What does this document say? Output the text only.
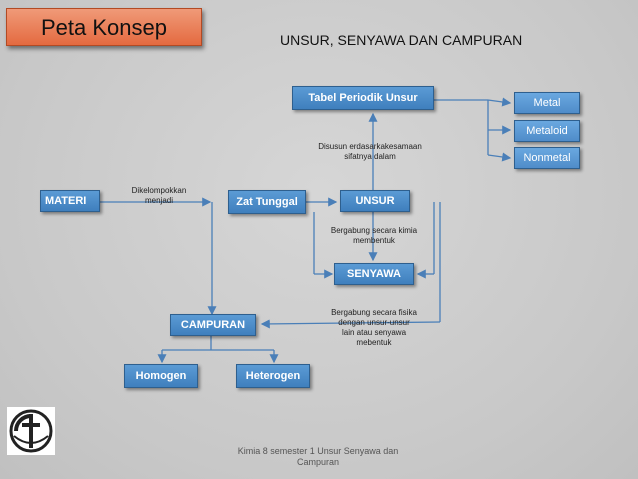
Peta Konsep	UNSUR, SENYAWA DAN CAMPURAN
Tabel Periodik Unsur	Metal
Metaloid
Nonmetal
MATERI	Zat Tunggal	UNSUR
SENYAWA
CAMPURAN
Homogen	Heterogen
Dikelompokkan
menjadi
Disusun erdasarkakesamaan
sifatnya dalam
Bergabung secara kimia
membentuk
Bergabung secara fisika
dengan unsur-unsur
lain atau senyawa
mebentuk
Kimia 8 semester 1 Unsur Senyawa dan
Campuran
